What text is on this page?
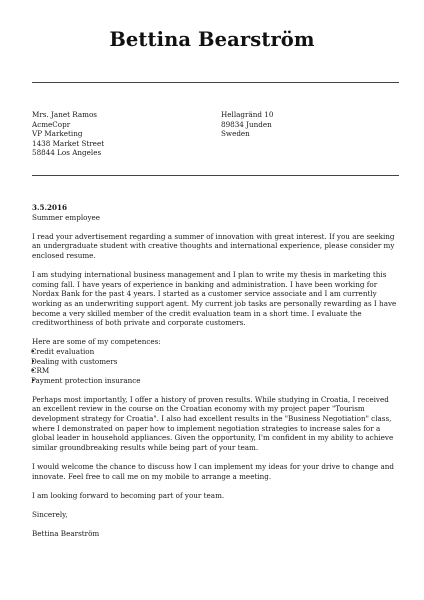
Bettina Bearström
Mrs. Janet Ramos
AcmeCopr
VP Marketing
1438 Market Street
58844 Los Angeles
Hellagränd 10
89834 Junden
Sweden
3.5.2016
Summer employee

I read your advertisement regarding a summer of innovation with great interest. If you are seeking an undergraduate student with creative thoughts and international experience, please consider my enclosed resume.

I am studying international business management and I plan to write my thesis in marketing this coming fall. I have years of experience in banking and administration. I have been working for Nordax Bank for the past 4 years. I started as a customer service associate and I am currently working as an underwriting support agent. My current job tasks are personally rewarding as I have become a very skilled member of the credit evaluation team in a short time. I evaluate the creditworthiness of both private and corporate customers.

Here are some of my competences:
• Credit evaluation
• Dealing with customers
• CRM
• Payment protection insurance

Perhaps most importantly, I offer a history of proven results. While studying in Croatia, I received an excellent review in the course on the Croatian economy with my project paper "Tourism development strategy for Croatia". I also had excellent results in the "Business Negotiation" class, where I demonstrated on paper how to implement negotiation strategies to increase sales for a global leader in household appliances. Given the opportunity, I'm confident in my ability to achieve similar groundbreaking results while being part of your team.

I would welcome the chance to discuss how I can implement my ideas for your drive to change and innovate. Feel free to call me on my mobile to arrange a meeting.

I am looking forward to becoming part of your team.

Sincerely,
Bettina Bearström
